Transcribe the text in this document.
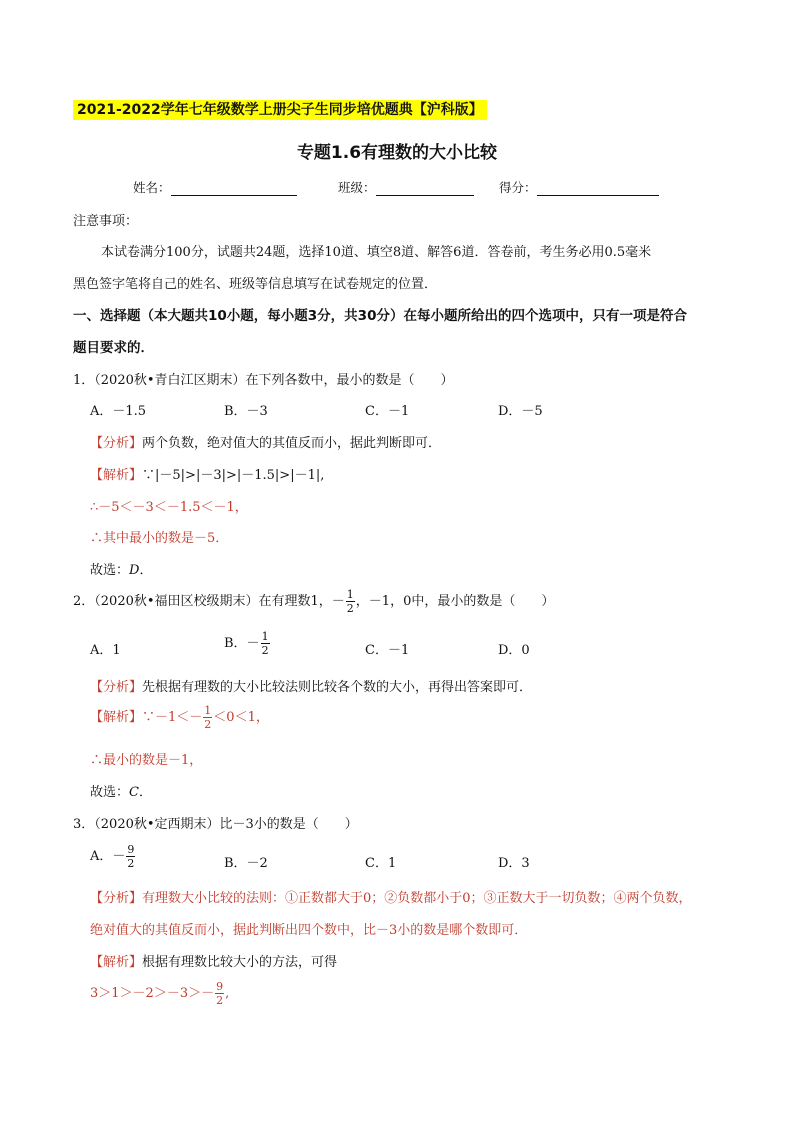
2021-2022学年七年级数学上册尖子生同步培优题典【沪科版】
专题1.6有理数的大小比较
姓名：	班级：	得分：
注意事项：
本试卷满分100分，试题共24题，选择10道、填空8道、解答6道．答卷前，考生务必用0.5毫米
黑色签字笔将自己的姓名、班级等信息填写在试卷规定的位置．
一、选择题（本大题共10小题，每小题3分，共30分）在每小题所给出的四个选项中，只有一项是符合
题目要求的．
1．（2020秋•青白江区期末）在下列各数中，最小的数是（　　）
A．－1.5	B．－3	C．－1	D．－5
【分析】两个负数，绝对值大的其值反而小，据此判断即可．
【解析】∵|－5|>|－3|>|－1.5|>|－1|,
∴－5＜－3＜－1.5＜－1，
∴其中最小的数是－5．
故选：D．
2．（2020秋•福田区校级期末）在有理数1，－ $\frac{1}{2}$ ，－1，0中，最小的数是（　　）
A．1	B．－ $\frac{1}{2}$	C．－1	D．0
【分析】先根据有理数的大小比较法则比较各个数的大小，再得出答案即可．
【解析】∵－1＜－ $\frac{1}{2} <0<1$，
∴最小的数是－1，
故选：C．
3．（2020秋•定西期末）比－3小的数是（　　）
A．－ $\frac{9}{2}$	B．－2	C．1	D．3
【分析】有理数大小比较的法则：①正数都大于0；②负数都小于0；③正数大于一切负数；④两个负数，
绝对值大的其值反而小，据此判断出四个数中，比－3小的数是哪个数即可．
【解析】根据有理数比较大小的方法，可得
$3>1>-2>-3>- \frac{9}{2}$ ,
